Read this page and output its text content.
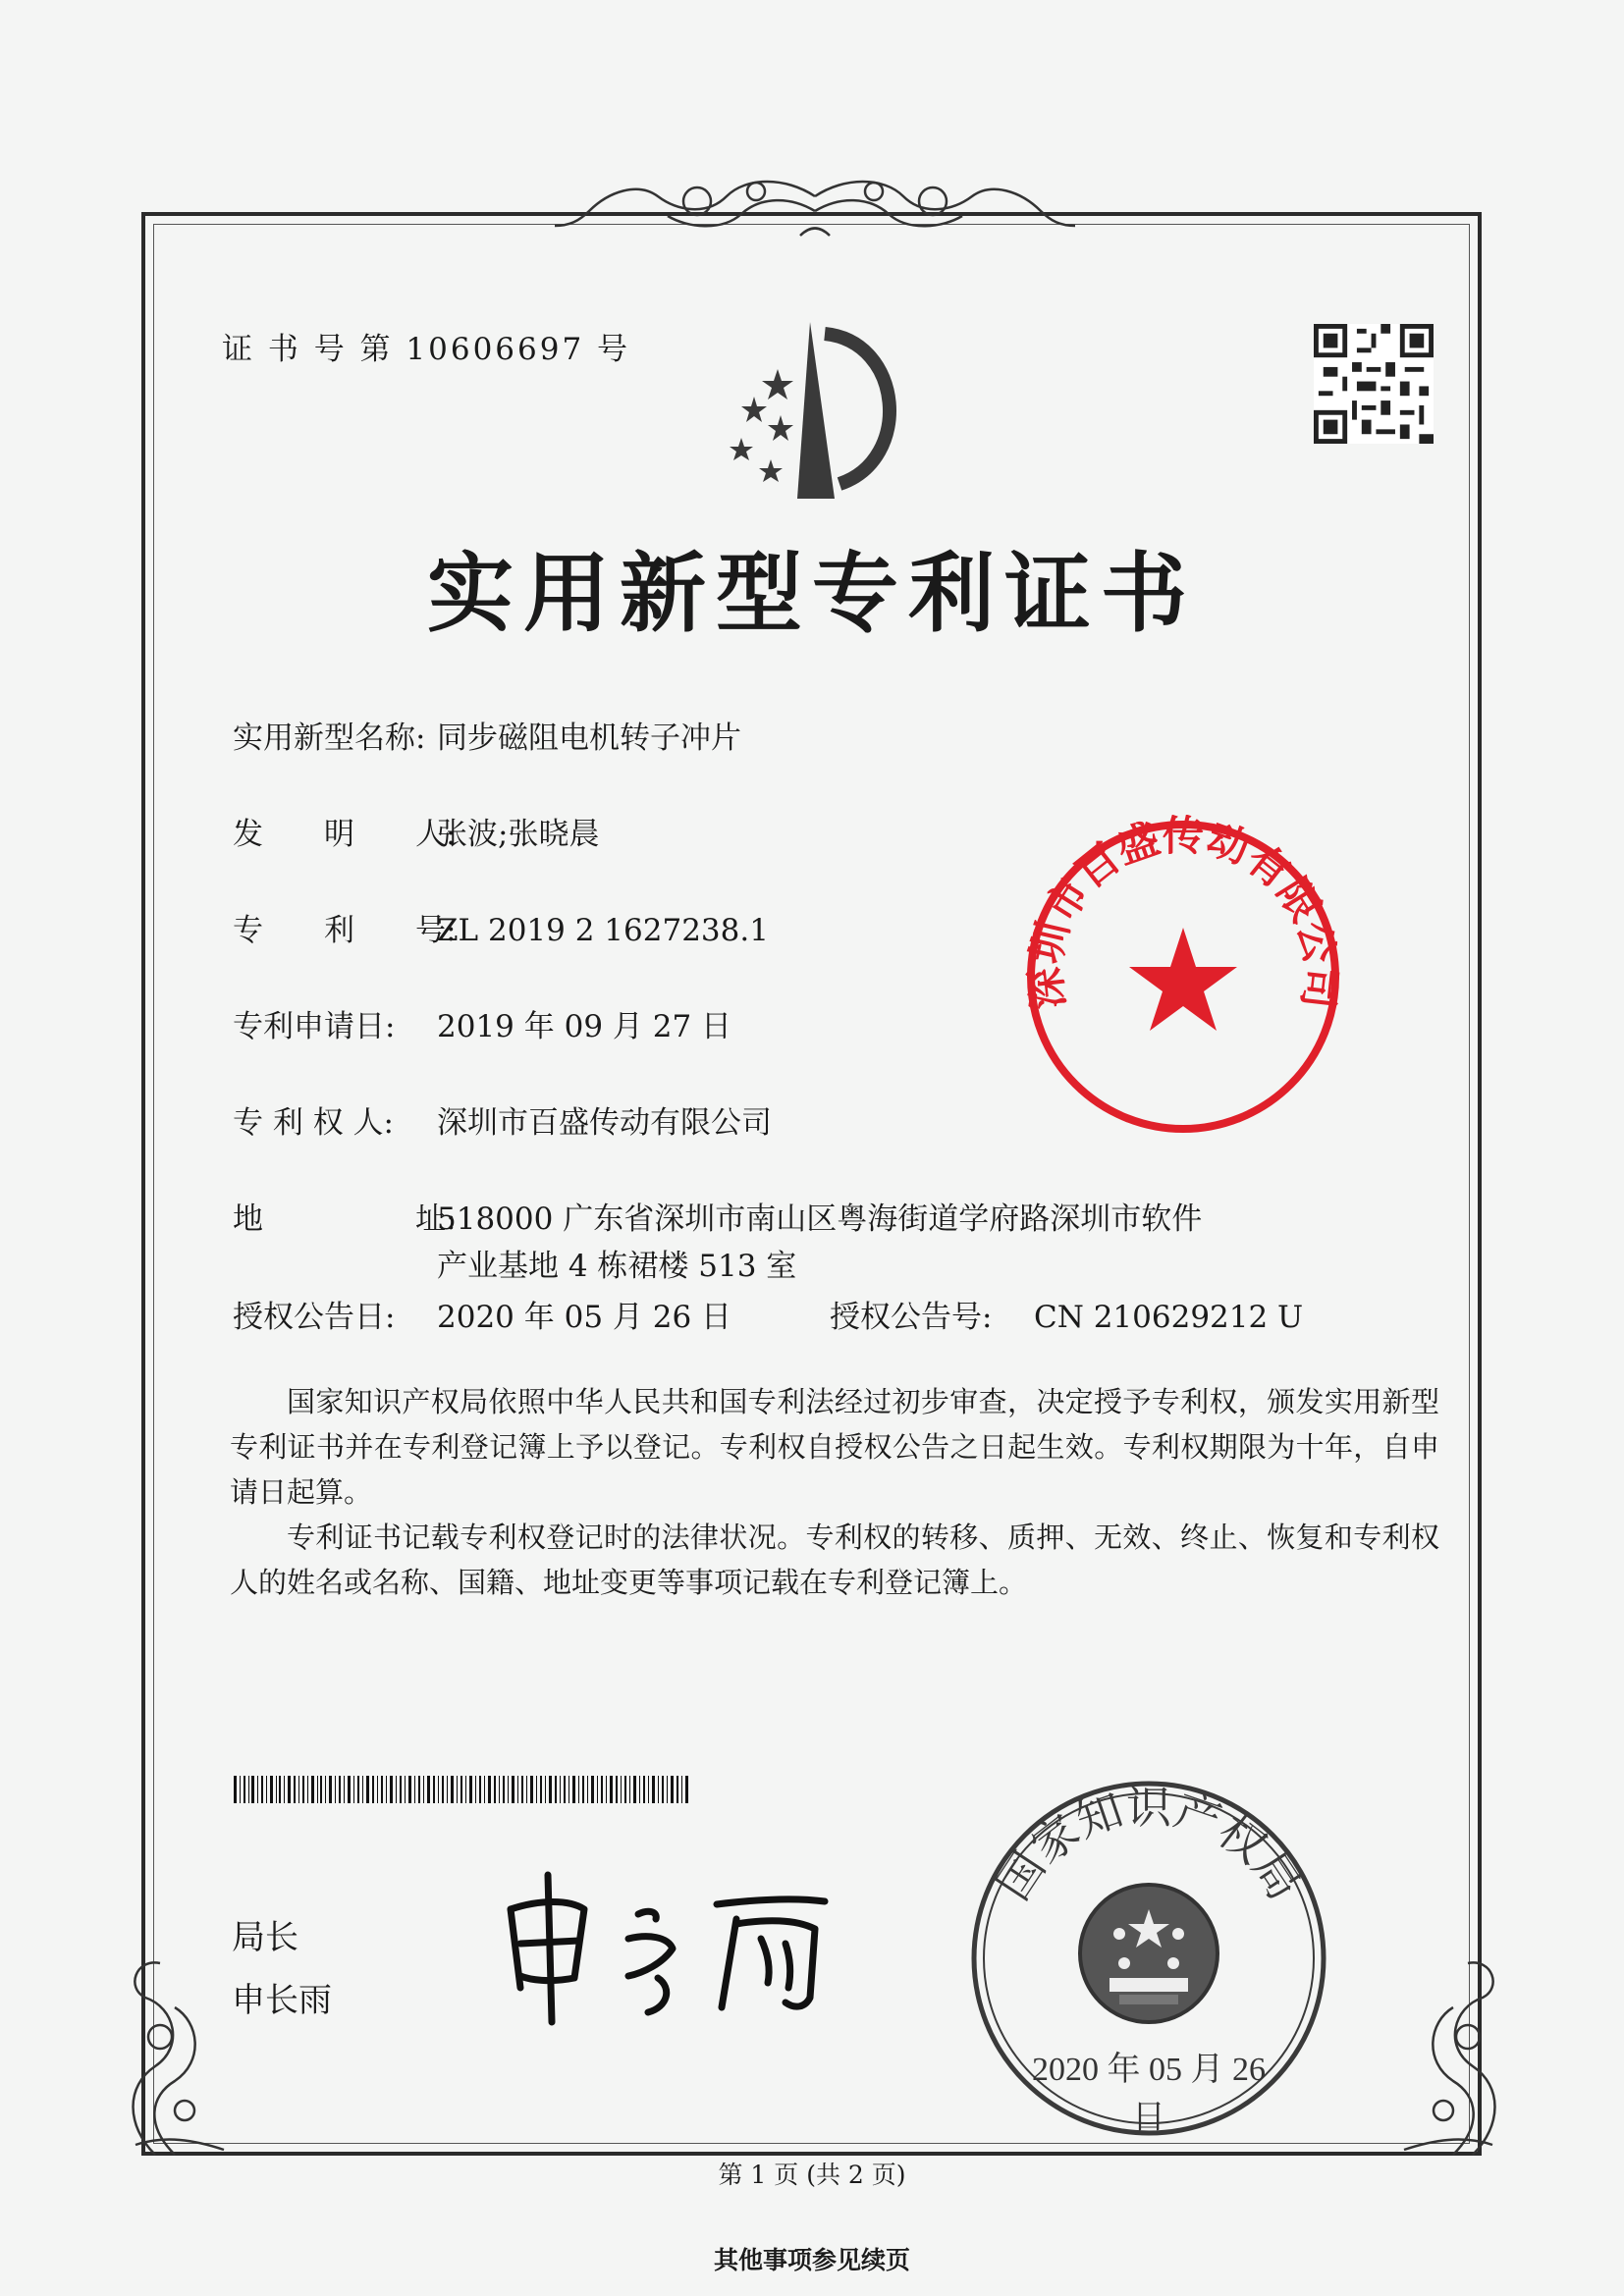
证 书 号 第 10606697 号
实用新型专利证书
实用新型名称: 同步磁阻电机转子冲片
发　　明　　人:
张波;张晓晨
专　　利　　号:
ZL 2019 2 1627238.1
专利申请日: 2019 年 09 月 27 日
专 利 权 人: 深圳市百盛传动有限公司
地　　　　　址:
518000 广东省深圳市南山区粤海街道学府路深圳市软件
产业基地 4 栋裙楼 513 室
授权公告日: 2020 年 05 月 26 日	授权公告号: CN 210629212 U

国家知识产权局依照中华人民共和国专利法经过初步审查，决定授予专利权，颁发实用新型专利证书并在专利登记簿上予以登记。专利权自授权公告之日起生效。专利权期限为十年，自申请日起算。

专利证书记载专利权登记时的法律状况。专利权的转移、质押、无效、终止、恢复和专利权人的姓名或名称、国籍、地址变更等事项记载在专利登记簿上。

局长
申长雨
深圳市百盛传动有限公司
国家知识产权局
2020 年 05 月 26 日
第 1 页 (共 2 页)
其他事项参见续页
